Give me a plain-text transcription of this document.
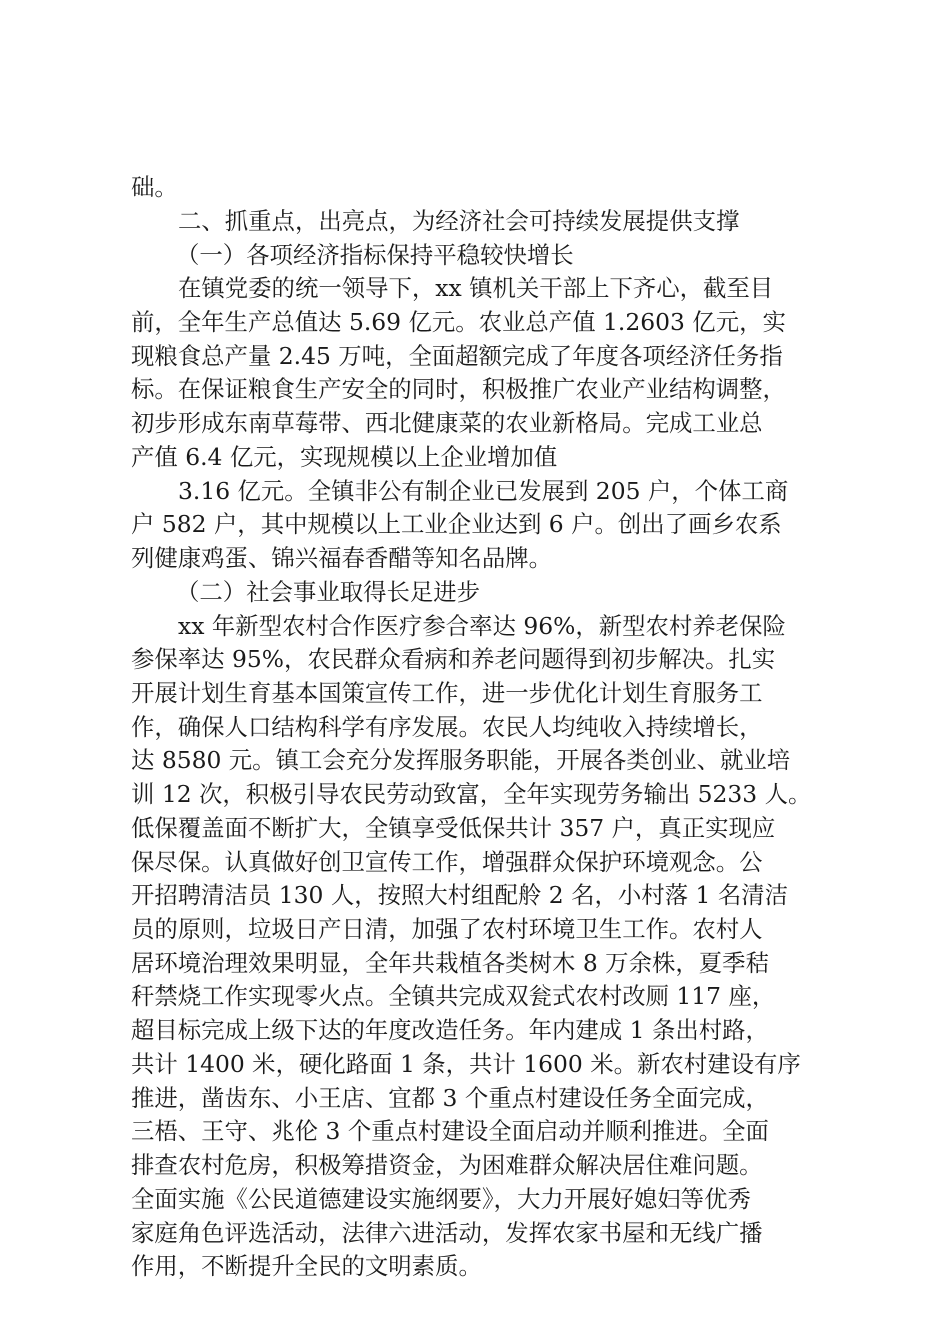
础。

二、抓重点，出亮点，为经济社会可持续发展提供支撑

（一）各项经济指标保持平稳较快增长

在镇党委的统一领导下，xx 镇机关干部上下齐心，截至目

前，全年生产总值达 5.69 亿元。农业总产值 1.2603 亿元，实

现粮食总产量 2.45 万吨，全面超额完成了年度各项经济任务指

标。在保证粮食生产安全的同时，积极推广农业产业结构调整，

初步形成东南草莓带、西北健康菜的农业新格局。完成工业总

产值 6.4 亿元，实现规模以上企业增加值

3.16 亿元。全镇非公有制企业已发展到 205 户，个体工商

户 582 户，其中规模以上工业企业达到 6 户。创出了画乡农系

列健康鸡蛋、锦兴福春香醋等知名品牌。

（二）社会事业取得长足进步

xx 年新型农村合作医疗参合率达 96%，新型农村养老保险

参保率达 95%，农民群众看病和养老问题得到初步解决。扎实

开展计划生育基本国策宣传工作，进一步优化计划生育服务工

作，确保人口结构科学有序发展。农民人均纯收入持续增长，

达 8580 元。镇工会充分发挥服务职能，开展各类创业、就业培

训 12 次，积极引导农民劳动致富，全年实现劳务输出 5233 人。

低保覆盖面不断扩大，全镇享受低保共计 357 户，真正实现应

保尽保。认真做好创卫宣传工作，增强群众保护环境观念。公

开招聘清洁员 130 人，按照大村组配舲 2 名，小村落 1 名清洁

员的原则，垃圾日产日清，加强了农村环境卫生工作。农村人

居环境治理效果明显，全年共栽植各类树木 8 万余株，夏季秸

秆禁烧工作实现零火点。全镇共完成双瓮式农村改厕 117 座，

超目标完成上级下达的年度改造任务。年内建成 1 条出村路，

共计 1400 米，硬化路面 1 条，共计 1600 米。新农村建设有序

推进，凿齿东、小王店、宜都 3 个重点村建设任务全面完成，

三梧、王守、兆伦 3 个重点村建设全面启动并顺利推进。全面

排查农村危房，积极筹措资金，为困难群众解决居住难问题。

全面实施《公民道德建设实施纲要》，大力开展好媳妇等优秀

家庭角色评选活动，法律六进活动，发挥农家书屋和无线广播

作用，不断提升全民的文明素质。
